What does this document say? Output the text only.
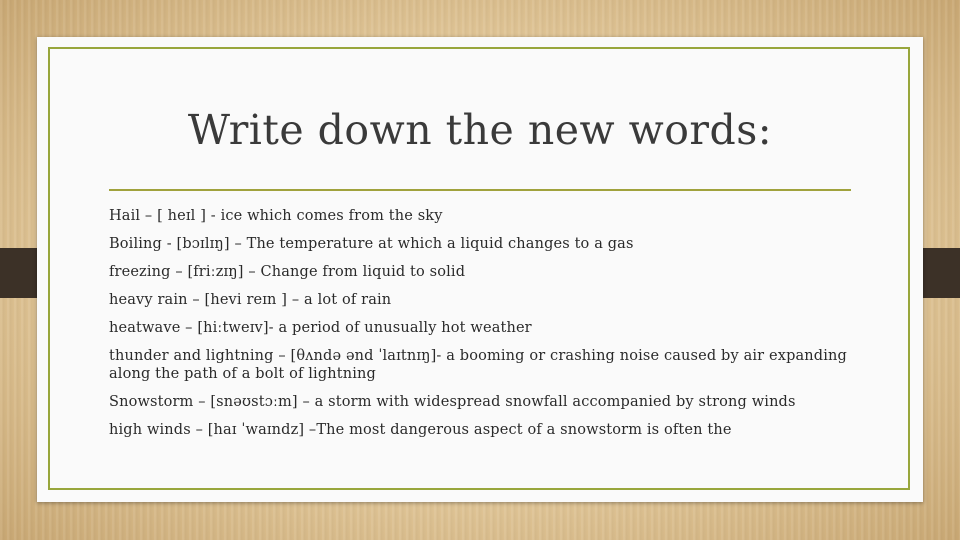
Write down the new words:

Hail – [ heɪl ] - ice which comes from the sky

Boiling - [bɔɪlɪŋ] – The temperature at which a liquid changes to a gas

freezing – [friːzɪŋ] – Change from liquid to solid

heavy rain – [hevi reɪn ] – a lot of rain

heatwave – [hiːtweɪv]- a period of unusually hot weather

thunder and lightning – [θʌndə ənd ˈlaɪtnɪŋ]- a booming or crashing noise caused by air expanding along the path of a bolt of lightning

Snowstorm – [snəʊstɔːm] – a storm with widespread snowfall accompanied by strong winds

high winds – [haɪ ˈwaɪndz] –The most dangerous aspect of a snowstorm is often the
